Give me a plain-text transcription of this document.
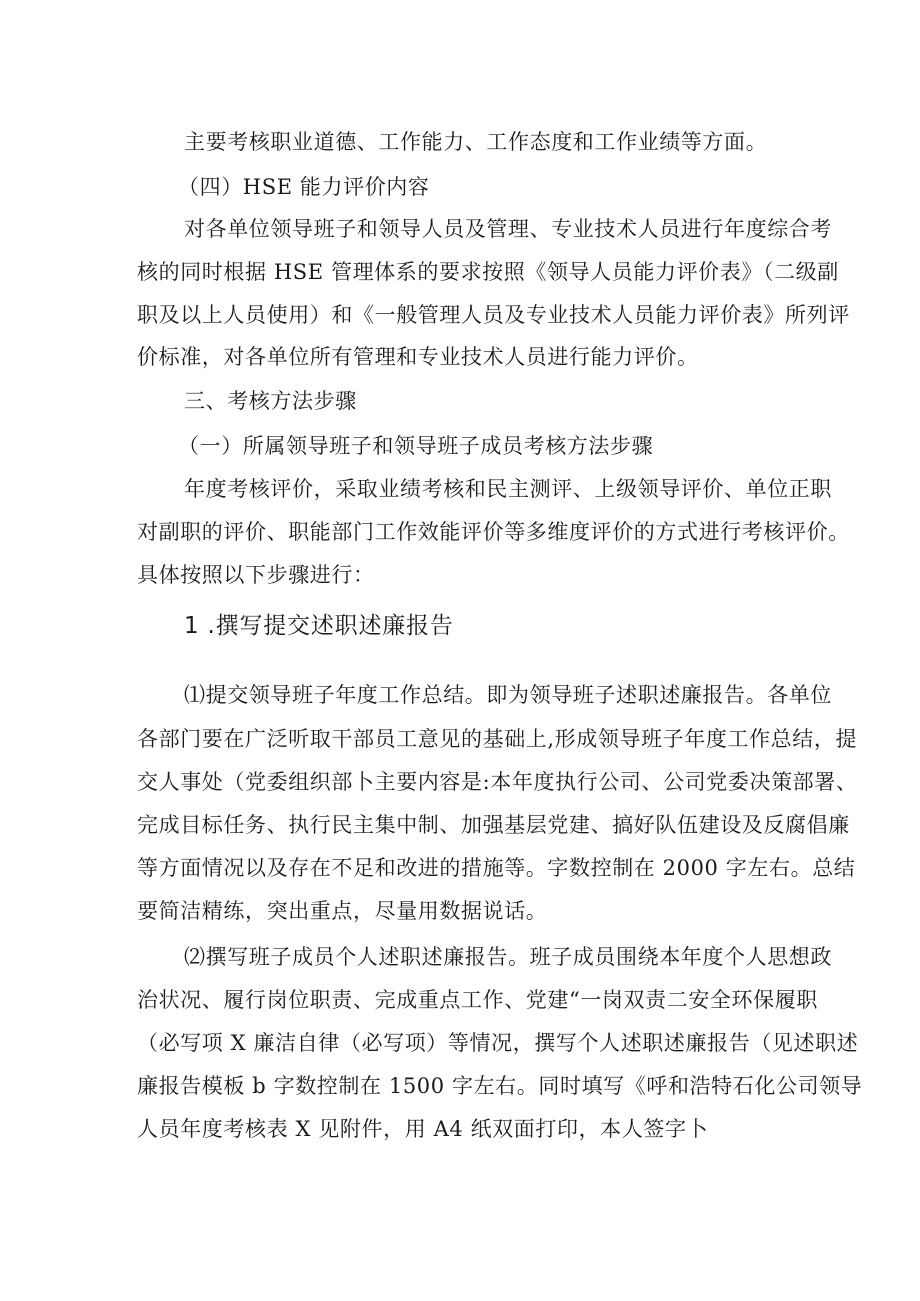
主要考核职业道德、工作能力、工作态度和工作业绩等方面。
（四）HSE 能力评价内容
对各单位领导班子和领导人员及管理、专业技术人员进行年度综合考
核的同时根据 HSE 管理体系的要求按照《领导人员能力评价表》（二级副
职及以上人员使用）和《一般管理人员及专业技术人员能力评价表》所列评
价标准，对各单位所有管理和专业技术人员进行能力评价。
三、考核方法步骤
（一）所属领导班子和领导班子成员考核方法步骤
年度考核评价，采取业绩考核和民主测评、上级领导评价、单位正职
对副职的评价、职能部门工作效能评价等多维度评价的方式进行考核评价。
具体按照以下步骤进行：
1 .撰写提交述职述廉报告
⑴提交领导班子年度工作总结。即为领导班子述职述廉报告。各单位
各部门要在广泛听取干部员工意见的基础上,形成领导班子年度工作总结，提
交人事处（党委组织部卜主要内容是:本年度执行公司、公司党委决策部署、
完成目标任务、执行民主集中制、加强基层党建、搞好队伍建设及反腐倡廉
等方面情况以及存在不足和改进的措施等。字数控制在 2000 字左右。总结
要简洁精练，突出重点，尽量用数据说话。
⑵撰写班子成员个人述职述廉报告。班子成员围绕本年度个人思想政
治状况、履行岗位职责、完成重点工作、党建“一岗双责二安全环保履职
（必写项 X 廉洁自律（必写项）等情况，撰写个人述职述廉报告（见述职述
廉报告模板 b 字数控制在 1500 字左右。同时填写《呼和浩特石化公司领导
人员年度考核表 X 见附件，用 A4 纸双面打印，本人签字卜
